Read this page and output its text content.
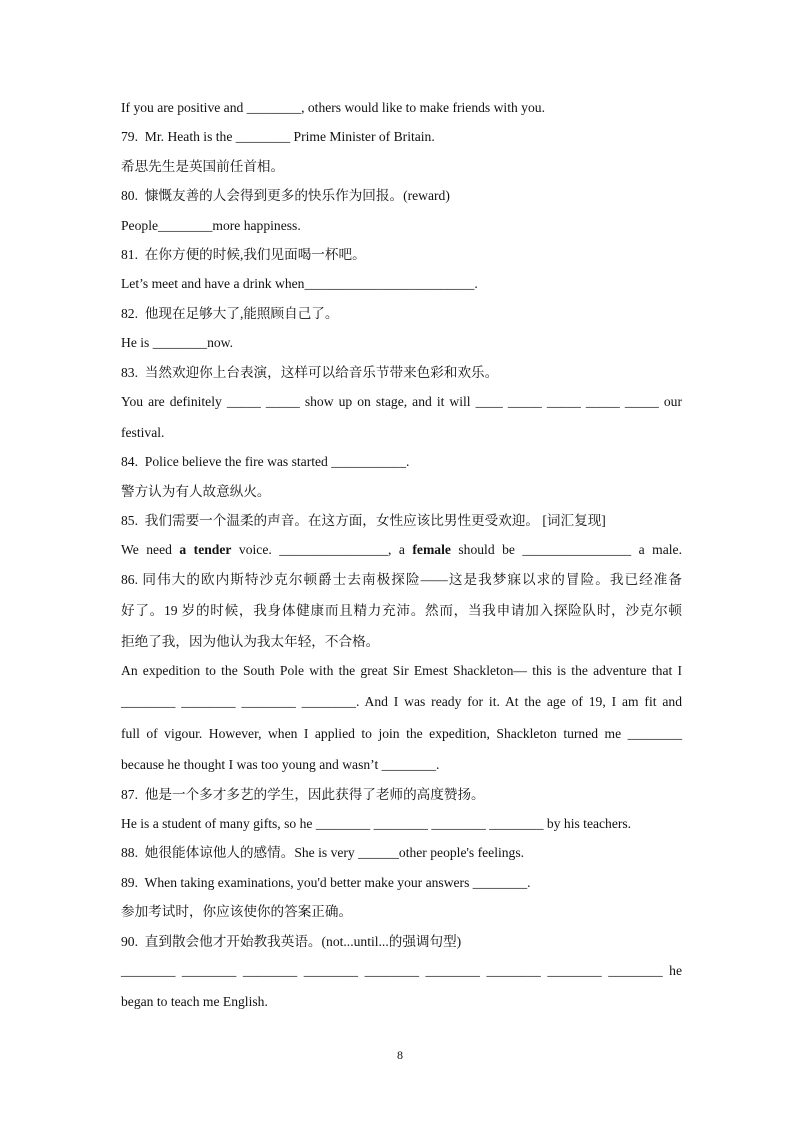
If you are positive and ________, others would like to make friends with you.
79.  Mr. Heath is the ________ Prime Minister of Britain.
希思先生是英国前任首相。
80.  慷慨友善的人会得到更多的快乐作为回报。(reward)
People________more happiness.
81.  在你方便的时候,我们见面喝一杯吧。
Let’s meet and have a drink when_________________________.
82.  他现在足够大了,能照顾自己了。
He is ________now.
83.  当然欢迎你上台表演，这样可以给音乐节带来色彩和欢乐。
You are definitely _____ _____ show up on stage, and it will ____ _____ _____ _____ _____ our
festival.
84.  Police believe the fire was started ___________.
警方认为有人故意纵火。
85.  我们需要一个温柔的声音。在这方面，女性应该比男性更受欢迎。 [词汇复现]
We need a tender voice. ________________, a female should be ________________ a male.
86. 同伟大的欧内斯特沙克尔顿爵士去南极探险——这是我梦寐以求的冒险。我已经准备
好了。19 岁的时候，我身体健康而且精力充沛。然而，当我申请加入探险队时，沙克尔顿
拒绝了我，因为他认为我太年轻，不合格。
An expedition to the South Pole with the great Sir Emest Shackleton— this is the adventure that I
________ ________ ________ ________. And I was ready for it. At the age of 19, I am fit and
full of vigour. However, when I applied to join the expedition, Shackleton turned me ________
because he thought I was too young and wasn’t ________.
87.  他是一个多才多艺的学生，因此获得了老师的高度赞扬。
He is a student of many gifts, so he ________ ________ ________ ________ by his teachers.
88.  她很能体谅他人的感情。She is very ______other people's feelings.
89.  When taking examinations, you'd better make your answers ________.
参加考试时，你应该使你的答案正确。
90.  直到散会他才开始教我英语。(not...until...的强调句型)
________ ________ ________ ________ ________ ________ ________ ________ ________ he
began to teach me English.
8
